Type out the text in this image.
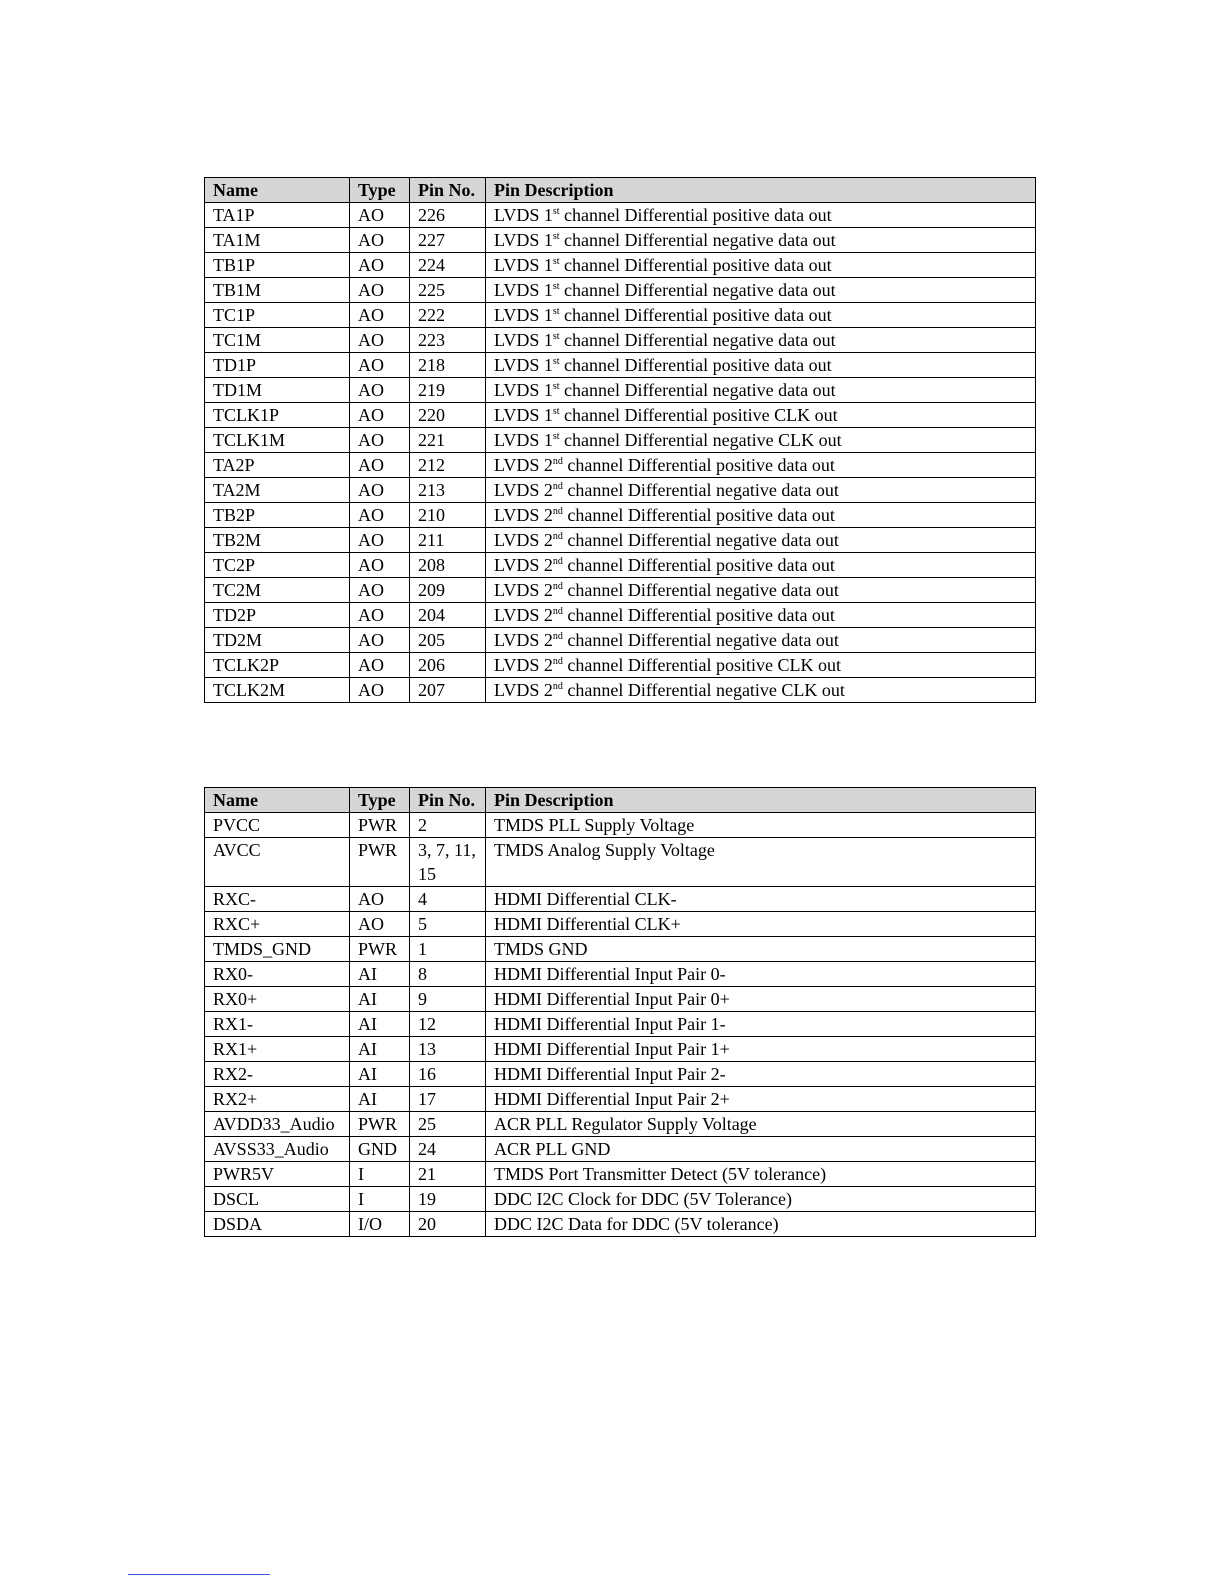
Name	Type	Pin No.	Pin Description
TA1P	AO	226	LVDS 1st channel Differential positive data out
TA1M	AO	227	LVDS 1st channel Differential negative data out
TB1P	AO	224	LVDS 1st channel Differential positive data out
TB1M	AO	225	LVDS 1st channel Differential negative data out
TC1P	AO	222	LVDS 1st channel Differential positive data out
TC1M	AO	223	LVDS 1st channel Differential negative data out
TD1P	AO	218	LVDS 1st channel Differential positive data out
TD1M	AO	219	LVDS 1st channel Differential negative data out
TCLK1P	AO	220	LVDS 1st channel Differential positive CLK out
TCLK1M	AO	221	LVDS 1st channel Differential negative CLK out
TA2P	AO	212	LVDS 2nd channel Differential positive data out
TA2M	AO	213	LVDS 2nd channel Differential negative data out
TB2P	AO	210	LVDS 2nd channel Differential positive data out
TB2M	AO	211	LVDS 2nd channel Differential negative data out
TC2P	AO	208	LVDS 2nd channel Differential positive data out
TC2M	AO	209	LVDS 2nd channel Differential negative data out
TD2P	AO	204	LVDS 2nd channel Differential positive data out
TD2M	AO	205	LVDS 2nd channel Differential negative data out
TCLK2P	AO	206	LVDS 2nd channel Differential positive CLK out
TCLK2M	AO	207	LVDS 2nd channel Differential negative CLK out
Name	Type	Pin No.	Pin Description
PVCC	PWR	2	TMDS PLL Supply Voltage
AVCC	PWR	3, 7, 11, 15	TMDS Analog Supply Voltage
RXC-	AO	4	HDMI Differential CLK-
RXC+	AO	5	HDMI Differential CLK+
TMDS_GND	PWR	1	TMDS GND
RX0-	AI	8	HDMI Differential Input Pair 0-
RX0+	AI	9	HDMI Differential Input Pair 0+
RX1-	AI	12	HDMI Differential Input Pair 1-
RX1+	AI	13	HDMI Differential Input Pair 1+
RX2-	AI	16	HDMI Differential Input Pair 2-
RX2+	AI	17	HDMI Differential Input Pair 2+
AVDD33_Audio	PWR	25	ACR PLL Regulator Supply Voltage
AVSS33_Audio	GND	24	ACR PLL GND
PWR5V	I	21	TMDS Port Transmitter Detect (5V tolerance)
DSCL	I	19	DDC I2C Clock for DDC (5V Tolerance)
DSDA	I/O	20	DDC I2C Data for DDC (5V tolerance)
